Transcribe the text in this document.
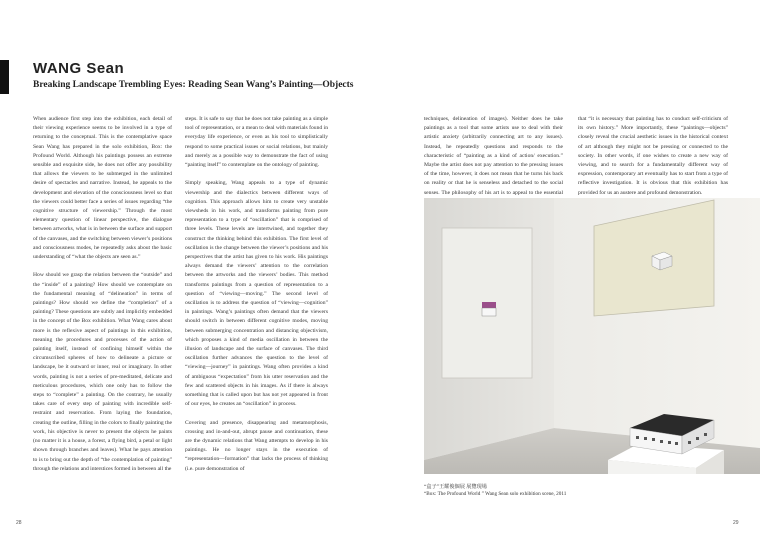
WANG Sean
Breaking Landscape Trembling Eyes: Reading Sean Wang’s Painting—Objects

When audience first step into the exhibition, each detail of their viewing experience seems to be involved in a type of returning to the conceptual. This is the contemplative space Sean Wang has prepared in the solo exhibition, Box: the Profound World. Although his paintings possess an extreme sensible and exquisite side, he does not offer any possibility that allows the viewers to be submerged in the unlimited desire of spectacles and narrative. Instead, he appeals to the development and elevation of the consciousness level so that the viewers could better face a series of issues regarding “the cognitive structure of viewership.” Through the most elementary question of linear perspective, the dialogue between artworks, what is in between the surface and support of the canvases, and the switching between viewer’s positions and consciousness modes, he repeatedly asks about the basic understanding of “what the objects are seen as.”

How should we grasp the relation between the “outside” and the “inside” of a painting? How should we contemplate on the fundamental meaning of “delineation” in terms of paintings? How should we define the “completion” of a painting? These questions are subtly and implicitly embedded in the concept of the Box exhibition. What Wang cares about more is the reflexive aspect of paintings in this exhibition, meaning the procedures and processes of the action of painting itself, instead of confining himself within the circumscribed spheres of how to delineate a picture or landscape, be it outward or inner, real or imaginary. In other words, painting is not a series of pre-meditated, delicate and meticulous procedures, which one only has to follow the steps to “complete” a painting. On the contrary, he usually takes care of every step of painting with incredible self-restraint and reservation. From laying the foundation, creating the outline, filling in the colors to finally painting the work, his objective is never to present the objects he paints (no matter it is a house, a forest, a flying bird, a petal or light shown through branches and leaves). What he pays attention to is to bring out the depth of “the contemplation of painting” through the relations and interstices formed in between all the

steps. It is safe to say that he does not take painting as a simple tool of representation, or a mean to deal with materials found in everyday life experience, or even as his tool to simplistically respond to some practical issues or social relations, but mainly and merely as a possible way to demonstrate the fact of using “painting itself” to contemplate on the ontology of painting.

Simply speaking, Wang appeals to a type of dynamic viewership and the dialectics between different ways of cognition. This approach allows him to create very unstable viewsheds in his work, and transforms painting from pure representation to a type of “oscillation” that is comprised of three levels. These levels are intertwined, and together they construct the thinking behind this exhibition. The first level of oscillation is the change between the viewer’s positions and his perspectives that the artist has given to his work. His paintings always demand the viewers’ attention to the correlation between the artworks and the viewers’ bodies. This method transforms paintings from a question of representation to a question of “viewing—moving.” The second level of oscillation is to address the question of “viewing—cognition” in paintings. Wang’s paintings often demand that the viewers should switch in between different cognitive modes, moving between submerging concentration and distancing objectivism, which proposes a kind of media oscillation in between the illusion of landscape and the surface of canvases. The third oscillation further advances the question to the level of “viewing—journey” in paintings. Wang often provides a kind of ambiguous “expectation” from his utter reservation and the few and scattered objects in his images. As if there is always something that is called upon but has not yet appeared in front of our eyes, he creates an “oscillation” in process.

Covering and presence, disappearing and metamorphosis, crossing and in-and-out, abrupt pause and continuation, these are the dynamic relations that Wang attempts to develop in his paintings. He no longer stays in the execution of “representation—formation” that lacks the process of thinking (i.e. pure demonstration of

techniques, delineation of images). Neither does he take paintings as a tool that some artists use to deal with their artistic anxiety (arbitrarily connecting art to any issues). Instead, he repeatedly questions and responds to the characteristic of “painting as a kind of action/ execution.” Maybe the artist does not pay attention to the pressing issues of the time, however, it does not mean that he turns his back on reality or that he is senseless and detached to the social senses. The philosophy of his art is to appeal to the essential

that “it is necessary that painting has to conduct self-criticism of its own history.” More importantly, these “paintings—objects” closely reveal the crucial aesthetic issues in the historical context of art although they might not be pressing or connected to the society. In other words, if one wishes to create a new way of viewing, and to search for a fundamentally different way of expression, contemporary art eventually has to start from a type of reflective investigation. It is obvious that this exhibition has provided for us an austere and profound demonstration.

“盒子”王耀俊個展 展覽現場
“Box: The Profound World ” Wang Sean solo exhibition scene, 2011
28	29
